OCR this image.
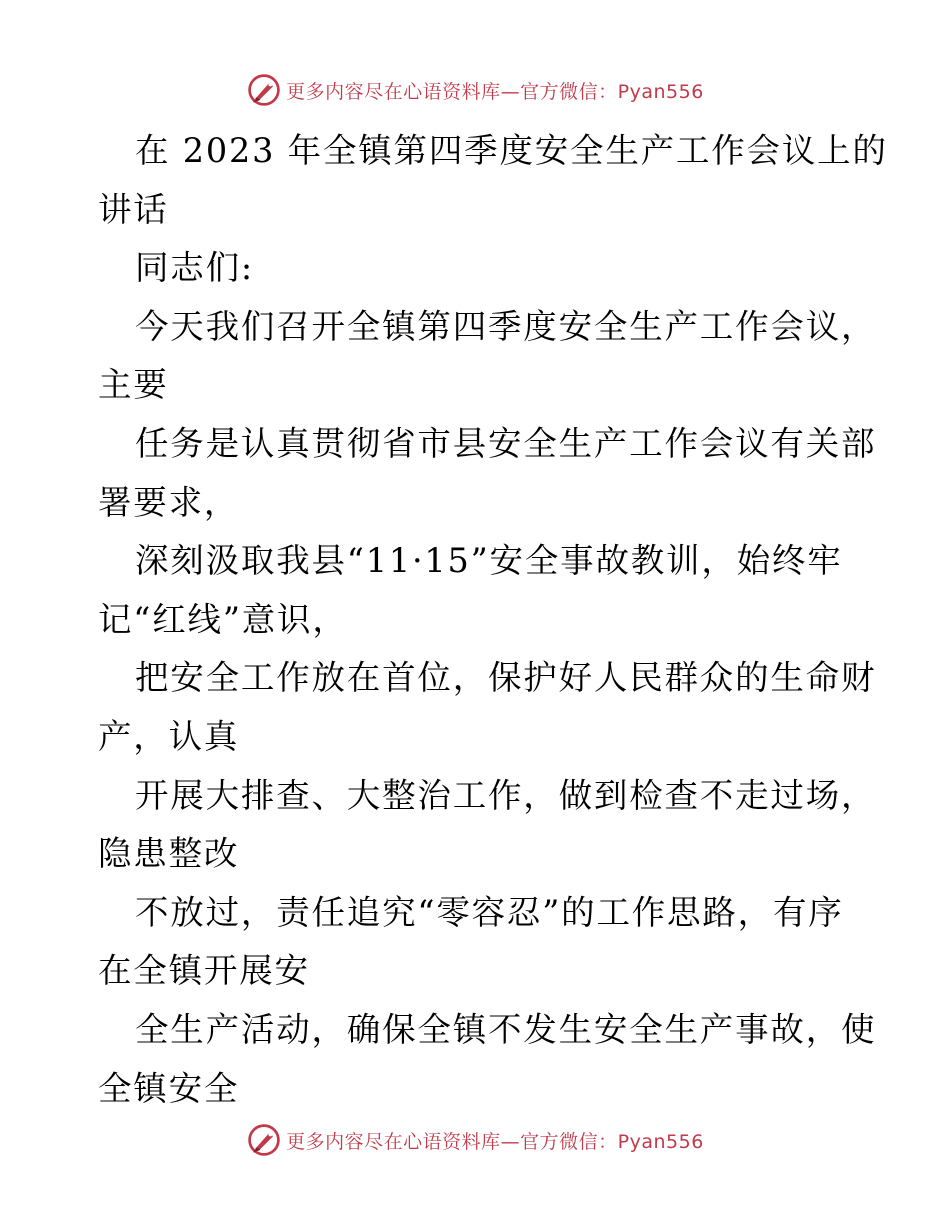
更多内容尽在心语资料库—官方微信：Pyan556
在 2023 年全镇第四季度安全生产工作会议上的
讲话
同志们:
今天我们召开全镇第四季度安全生产工作会议，
主要
任务是认真贯彻省市县安全生产工作会议有关部
署要求，
深刻汲取我县“11·15”安全事故教训，始终牢
记“红线”意识，
把安全工作放在首位，保护好人民群众的生命财
产，认真
开展大排查、大整治工作，做到检查不走过场，
隐患整改
不放过，责任追究“零容忍”的工作思路，有序
在全镇开展安
全生产活动，确保全镇不发生安全生产事故，使
全镇安全
更多内容尽在心语资料库—官方微信：Pyan556
